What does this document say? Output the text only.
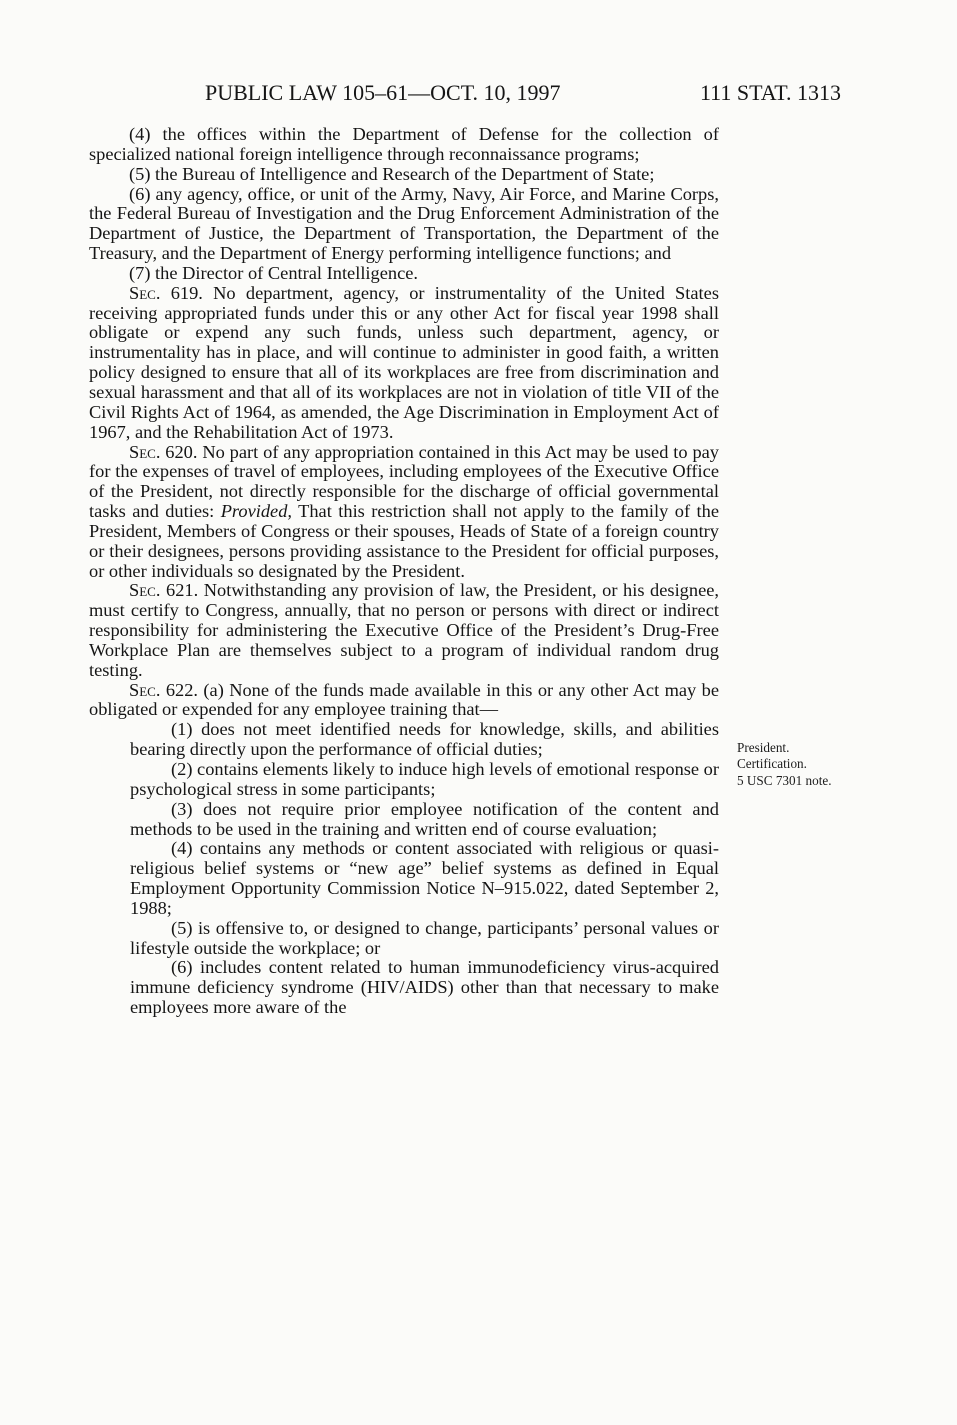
PUBLIC LAW 105–61—OCT. 10, 1997	111 STAT. 1313

(4) the offices within the Department of Defense for the collection of specialized national foreign intelligence through reconnaissance programs;

(5) the Bureau of Intelligence and Research of the Department of State;

(6) any agency, office, or unit of the Army, Navy, Air Force, and Marine Corps, the Federal Bureau of Investigation and the Drug Enforcement Administration of the Department of Justice, the Department of Transportation, the Department of the Treasury, and the Department of Energy performing intelligence functions; and

(7) the Director of Central Intelligence.

Sec. 619. No department, agency, or instrumentality of the United States receiving appropriated funds under this or any other Act for fiscal year 1998 shall obligate or expend any such funds, unless such department, agency, or instrumentality has in place, and will continue to administer in good faith, a written policy designed to ensure that all of its workplaces are free from discrimination and sexual harassment and that all of its workplaces are not in violation of title VII of the Civil Rights Act of 1964, as amended, the Age Discrimination in Employment Act of 1967, and the Rehabilitation Act of 1973.

Sec. 620. No part of any appropriation contained in this Act may be used to pay for the expenses of travel of employees, including employees of the Executive Office of the President, not directly responsible for the discharge of official governmental tasks and duties: Provided, That this restriction shall not apply to the family of the President, Members of Congress or their spouses, Heads of State of a foreign country or their designees, persons providing assistance to the President for official purposes, or other individuals so designated by the President.

Sec. 621. Notwithstanding any provision of law, the President, or his designee, must certify to Congress, annually, that no person or persons with direct or indirect responsibility for administering the Executive Office of the President’s Drug-Free Workplace Plan are themselves subject to a program of individual random drug testing.

Sec. 622. (a) None of the funds made available in this or any other Act may be obligated or expended for any employee training that—

(1) does not meet identified needs for knowledge, skills, and abilities bearing directly upon the performance of official duties;

(2) contains elements likely to induce high levels of emotional response or psychological stress in some participants;

(3) does not require prior employee notification of the content and methods to be used in the training and written end of course evaluation;

(4) contains any methods or content associated with religious or quasi-religious belief systems or “new age” belief systems as defined in Equal Employment Opportunity Commission Notice N–915.022, dated September 2, 1988;

(5) is offensive to, or designed to change, participants’ personal values or lifestyle outside the workplace; or

(6) includes content related to human immunodeficiency virus-acquired immune deficiency syndrome (HIV/AIDS) other than that necessary to make employees more aware of the

President.
Certification.
5 USC 7301 note.
